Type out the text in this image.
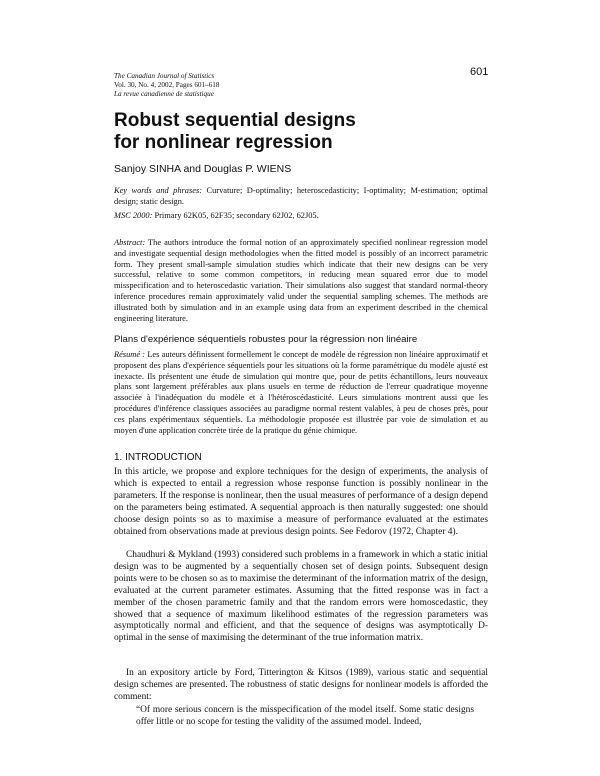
The Canadian Journal of Statistics
Vol. 30, No. 4, 2002, Pages 601–618
La revue canadienne de statistique
601
Robust sequential designs
for nonlinear regression
Sanjoy SINHA and Douglas P. WIENS
Key words and phrases: Curvature; D-optimality; heteroscedasticity; I-optimality; M-estimation; optimal design; static design.
MSC 2000: Primary 62K05, 62F35; secondary 62J02, 62J05.
Abstract: The authors introduce the formal notion of an approximately specified nonlinear regression model and investigate sequential design methodologies when the fitted model is possibly of an incorrect parametric form. They present small-sample simulation studies which indicate that their new designs can be very successful, relative to some common competitors, in reducing mean squared error due to model misspecification and to heteroscedastic variation. Their simulations also suggest that standard normal-theory inference procedures remain approximately valid under the sequential sampling schemes. The methods are illustrated both by simulation and in an example using data from an experiment described in the chemical engineering literature.
Plans d'expérience séquentiels robustes pour la régression non linéaire
Résumé : Les auteurs définissent formellement le concept de modèle de régression non linéaire approximatif et proposent des plans d'expérience séquentiels pour les situations où la forme paramétrique du modèle ajusté est inexacte. Ils présentent une étude de simulation qui montre que, pour de petits échantillons, leurs nouveaux plans sont largement préférables aux plans usuels en terme de réduction de l'erreur quadratique moyenne associée à l'inadéquation du modèle et à l'hétéroscédasticité. Leurs simulations montrent aussi que les procédures d'inférence classiques associées au paradigme normal restent valables, à peu de choses près, pour ces plans expérimentaux séquentiels. La méthodologie proposée est illustrée par voie de simulation et au moyen d'une application concrète tirée de la pratique du génie chimique.
1. INTRODUCTION
In this article, we propose and explore techniques for the design of experiments, the analysis of which is expected to entail a regression whose response function is possibly nonlinear in the parameters. If the response is nonlinear, then the usual measures of performance of a design depend on the parameters being estimated. A sequential approach is then naturally suggested: one should choose design points so as to maximise a measure of performance evaluated at the estimates obtained from observations made at previous design points. See Fedorov (1972, Chapter 4).
Chaudhuri & Mykland (1993) considered such problems in a framework in which a static initial design was to be augmented by a sequentially chosen set of design points. Subsequent design points were to be chosen so as to maximise the determinant of the information matrix of the design, evaluated at the current parameter estimates. Assuming that the fitted response was in fact a member of the chosen parametric family and that the random errors were homoscedastic, they showed that a sequence of maximum likelihood estimates of the regression parameters was asymptotically normal and efficient, and that the sequence of designs was asymptotically D-optimal in the sense of maximising the determinant of the true information matrix.
In an expository article by Ford, Titterington & Kitsos (1989), various static and sequential design schemes are presented. The robustness of static designs for nonlinear models is afforded the comment:
“Of more serious concern is the misspecification of the model itself. Some static designs offer little or no scope for testing the validity of the assumed model. Indeed,
